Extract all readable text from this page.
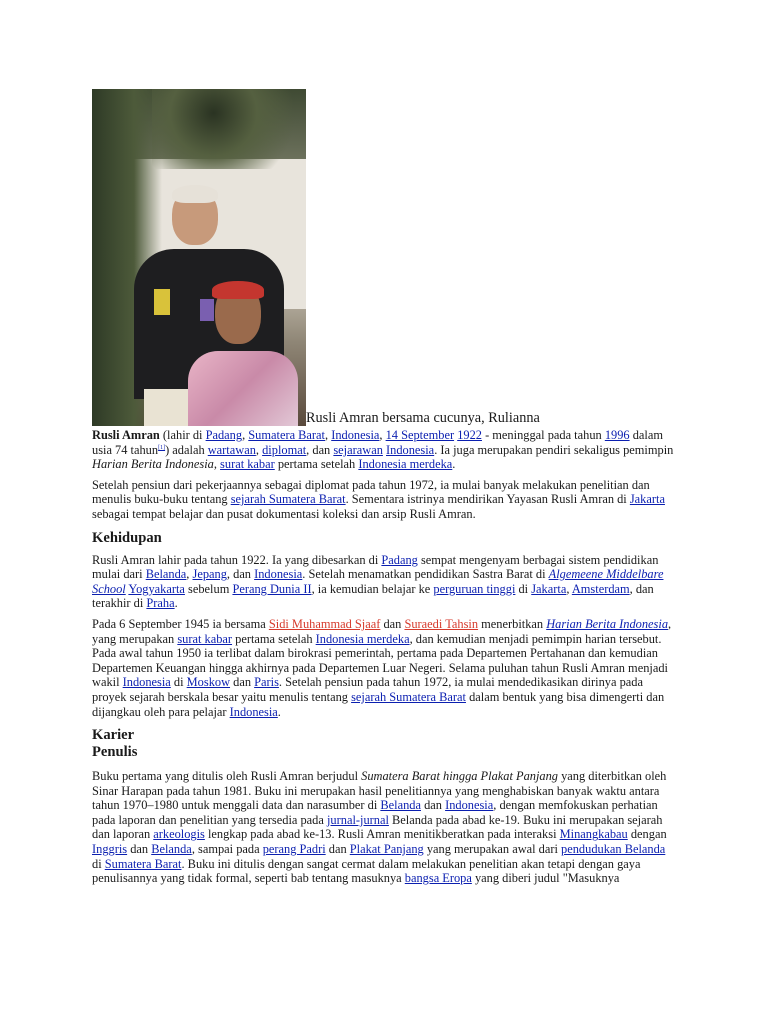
Rusli Amran bersama cucunya, Rulianna

Rusli Amran (lahir di Padang, Sumatera Barat, Indonesia, 14 September 1922 - meninggal pada tahun 1996 dalam usia 74 tahun[1]) adalah wartawan, diplomat, dan sejarawan Indonesia. Ia juga merupakan pendiri sekaligus pemimpin Harian Berita Indonesia, surat kabar pertama setelah Indonesia merdeka.

Setelah pensiun dari pekerjaannya sebagai diplomat pada tahun 1972, ia mulai banyak melakukan penelitian dan menulis buku-buku tentang sejarah Sumatera Barat. Sementara istrinya mendirikan Yayasan Rusli Amran di Jakarta sebagai tempat belajar dan pusat dokumentasi koleksi dan arsip Rusli Amran.

Kehidupan

Rusli Amran lahir pada tahun 1922. Ia yang dibesarkan di Padang sempat mengenyam berbagai sistem pendidikan mulai dari Belanda, Jepang, dan Indonesia. Setelah menamatkan pendidikan Sastra Barat di Algemeene Middelbare School Yogyakarta sebelum Perang Dunia II, ia kemudian belajar ke perguruan tinggi di Jakarta, Amsterdam, dan terakhir di Praha.

Pada 6 September 1945 ia bersama Sidi Muhammad Sjaaf dan Suraedi Tahsin menerbitkan Harian Berita Indonesia, yang merupakan surat kabar pertama setelah Indonesia merdeka, dan kemudian menjadi pemimpin harian tersebut. Pada awal tahun 1950 ia terlibat dalam birokrasi pemerintah, pertama pada Departemen Pertahanan dan kemudian Departemen Keuangan hingga akhirnya pada Departemen Luar Negeri. Selama puluhan tahun Rusli Amran menjadi wakil Indonesia di Moskow dan Paris. Setelah pensiun pada tahun 1972, ia mulai mendedikasikan dirinya pada proyek sejarah berskala besar yaitu menulis tentang sejarah Sumatera Barat dalam bentuk yang bisa dimengerti dan dijangkau oleh para pelajar Indonesia.

Karier
Penulis

Buku pertama yang ditulis oleh Rusli Amran berjudul Sumatera Barat hingga Plakat Panjang yang diterbitkan oleh Sinar Harapan pada tahun 1981. Buku ini merupakan hasil penelitiannya yang menghabiskan banyak waktu antara tahun 1970–1980 untuk menggali data dan narasumber di Belanda dan Indonesia, dengan memfokuskan perhatian pada laporan dan penelitian yang tersedia pada jurnal-jurnal Belanda pada abad ke-19. Buku ini merupakan sejarah dan laporan arkeologis lengkap pada abad ke-13. Rusli Amran menitikberatkan pada interaksi Minangkabau dengan Inggris dan Belanda, sampai pada perang Padri dan Plakat Panjang yang merupakan awal dari pendudukan Belanda di Sumatera Barat. Buku ini ditulis dengan sangat cermat dalam melakukan penelitian akan tetapi dengan gaya penulisannya yang tidak formal, seperti bab tentang masuknya bangsa Eropa yang diberi judul "Masuknya
